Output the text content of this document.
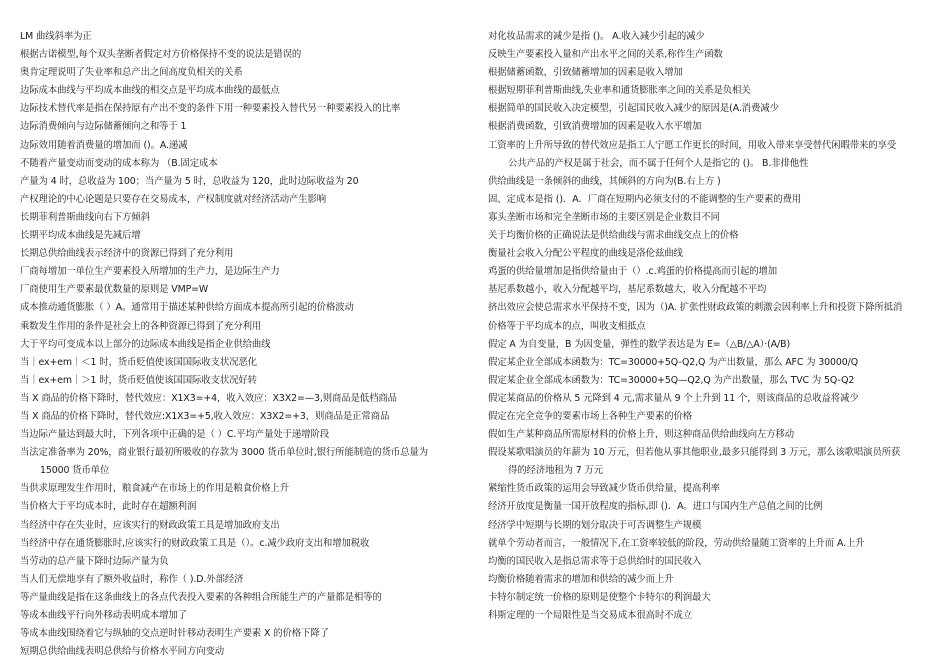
LM 曲线斜率为正
根据古诺模型,每个双头垄断者假定对方价格保持不变的说法是错误的
奥肯定理说明了失业率和总产出之间高度负相关的关系
边际成本曲线与平均成本曲线的相交点是平均成本曲线的最低点
边际技术替代率是指在保持原有产出不变的条件下用一种要素投入替代另一种要素投入的比率
边际消费倾向与边际储蓄倾向之和等于 1
边际效用随着消费量的增加而 ()。A.递减
不随着产量变动而变动的成本称为 （B.固定成本
产量为 4 时，总收益为 100；当产量为 5 时，总收益为 120，此时边际收益为 20
产权理论的中心论题是只要存在交易成本，产权制度就对经济活动产生影响
长期菲利普斯曲线向右下方倾斜
长期平均成本曲线是先减后增
长期总供给曲线表示经济中的资源已得到了充分利用
厂商每增加一单位生产要素投入所增加的生产力，是边际生产力
厂商使用生产要素最优数量的原则是 VMP=W
成本推动通货膨胀（ ）A。通常用于描述某种供给方面成本提高所引起的价格波动
乘数发生作用的条件是社会上的各种资源已得到了充分利用
大于平均可变成本以上部分的边际成本曲线是指企业供给曲线
当｜ex+em｜＜1 时，货币贬值使该国国际收支状况恶化
当｜ex+em｜＞1 时，货币贬值使该国国际收支状况好转
当 X 商品的价格下降时，替代效应：X1X3=+4，收入效应：X3X2=—3,则商品是低档商品
当 X 商品的价格下降时，替代效应:X1X3=+5,收入效应：X3X2=+3，则商品是正常商品
当边际产量达到最大时，下列各项中正确的是（ ）C.平均产量处于递增阶段
当法定准备率为 20%，商业银行最初所吸收的存款为 3000 货币单位时,银行所能制造的货币总量为
15000 货币单位
当供求原理发生作用时，粮食减产在市场上的作用是粮食价格上升
当价格大于平均成本时，此时存在超额利润
当经济中存在失业时，应该实行的财政政策工具是增加政府支出
当经济中存在通货膨胀时,应该实行的财政政策工具是（）。c.减少政府支出和增加税收
当劳动的总产量下降时边际产量为负
当人们无偿地享有了额外收益时，称作（ ).D.外部经济
等产量曲线是指在这条曲线上的各点代表投入要素的各种组合所能生产的产量都是相等的
等成本曲线平行向外移动表明成本增加了
等成本曲线围绕着它与纵轴的交点逆时针移动表明生产要素 X 的价格下降了
短期总供给曲线表明总供给与价格水平同方向变动
对化妆品需求的减少是指 ()。 A.收入减少引起的减少
反映生产要素投入量和产出水平之间的关系,称作生产函数
根据储蓄函数，引致储蓄增加的因素是收入增加
根据短期菲利普斯曲线,失业率和通货膨胀率之间的关系是负相关
根据简单的国民收入决定模型，引起国民收入减少的原因是(A.消费减少
根据消费函数，引致消费增加的因素是收入水平增加
工资率的上升所导致的替代效应是指工人宁愿工作更长的时间，用收入带来享受替代闲暇带来的享受
公共产品的产权是属于社会，而不属于任何个人是指它的 ()。 B.非排他性
供给曲线是一条倾斜的曲线，其倾斜的方向为(B.右上方 )
固、定成本是指 ()．A．厂商在短期内必须支付的不能调整的生产要素的费用
寡头垄断市场和完全垄断市场的主要区别是企业数目不同
关于均衡价格的正确说法是供给曲线与需求曲线交点上的价格
衡量社会收入分配公平程度的曲线是洛伦兹曲线
鸡蛋的供给量增加是指供给量由于（）.c.鸡蛋的价格提高而引起的增加
基尼系数越小，收入分配越平均，基尼系数越大，收入分配越不平均
挤出效应会使总需求水平保持不变，因为（)A. 扩张性财政政策的刺激会因利率上升和投资下降所抵消
价格等于平均成本的点，叫收支相抵点
假定 A 为自变量，B 为因变量，弹性的数学表达是为 E=（△B/△A）·(A/B)
假定某企业全部成本函数为：TC=30000+5Q-Q2,Q 为产出数量，那么 AFC 为 30000/Q
假定某企业全部成本函数为：TC=30000+5Q—Q2,Q 为产出数量，那么 TVC 为 5Q-Q2
假定某商品的价格从 5 元降到 4 元,需求量从 9 个上升到 11 个，则该商品的总收益将减少
假定在完全竞争的要素市场上各种生产要素的价格
假如生产某种商品所需原材料的价格上升，则这种商品供给曲线向左方移动
假设某歌唱演员的年薪为 10 万元，但若他从事其他职业,最多只能得到 3 万元，那么该歌唱演员所获
得的经济地租为 7 万元
紧缩性货币政策的运用会导致减少货币供给量，提高利率
经济开放度是衡量一国开放程度的指标,即 ()．A。进口与国内生产总值之间的比例
经济学中短期与长期的划分取决于可否调整生产规模
就单个劳动者而言，一般情况下,在工资率较低的阶段，劳动供给量随工资率的上升而 A.上升
均衡的国民收入是指总需求等于总供给时的国民收入
均衡价格随着需求的增加和供给的减少而上升
卡特尔制定统一价格的原则是使整个卡特尔的利润最大
科斯定理的一个局限性是当交易成本很高时不成立
